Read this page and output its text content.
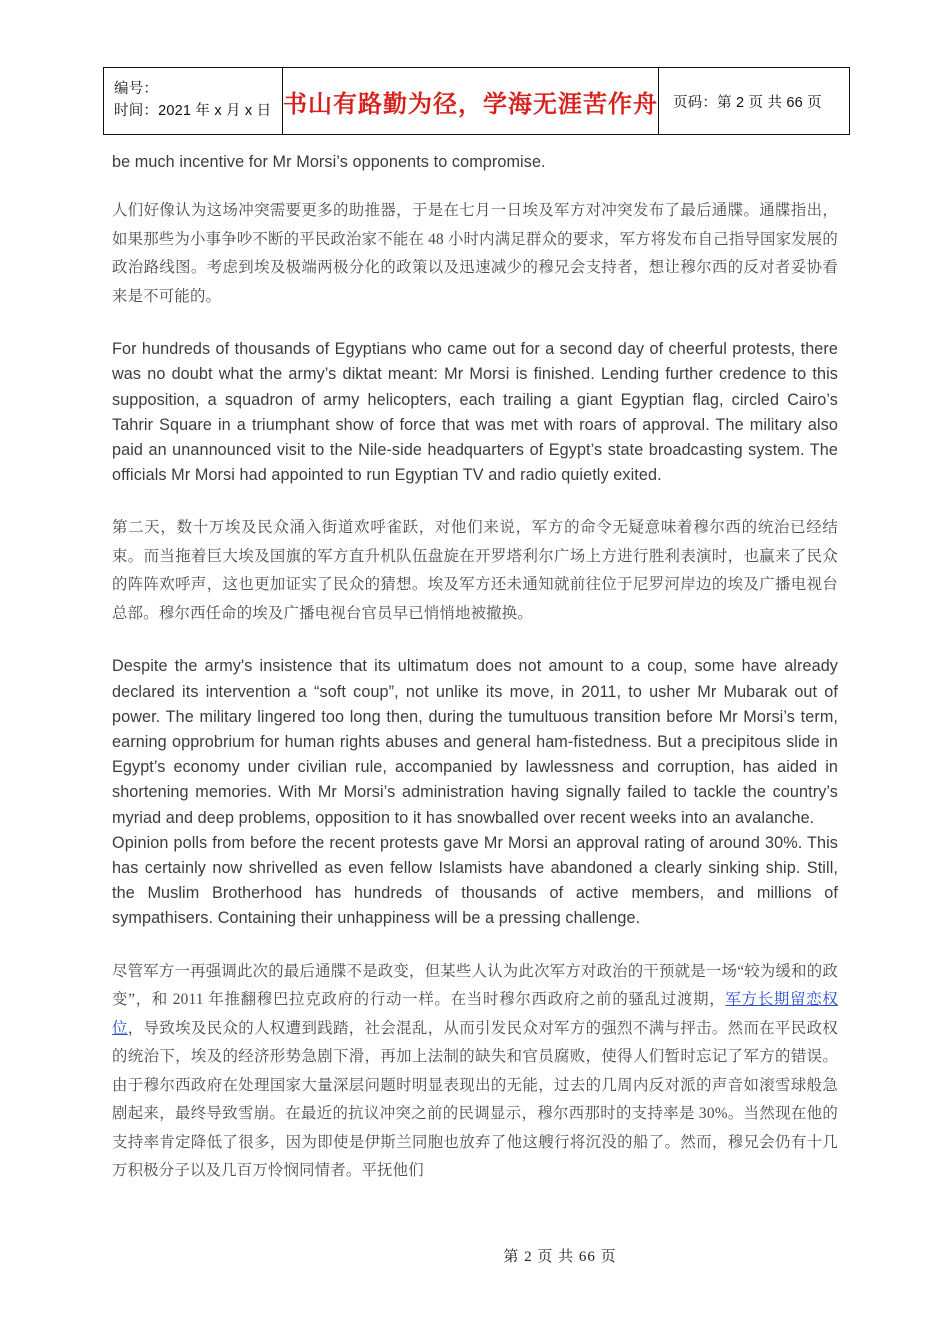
编号：
时间：2021 年 x 月 x 日	书山有路勤为径，学海无涯苦作舟	页码：第 2 页 共 66 页

be much incentive for Mr Morsi’s opponents to compromise.

人们好像认为这场冲突需要更多的助推器，于是在七月一日埃及军方对冲突发布了最后通牒。通牒指出，如果那些为小事争吵不断的平民政治家不能在 48 小时内满足群众的要求，军方将发布自己指导国家发展的政治路线图。考虑到埃及极端两极分化的政策以及迅速减少的穆兄会支持者，想让穆尔西的反对者妥协看来是不可能的。

For hundreds of thousands of Egyptians who came out for a second day of cheerful protests, there was no doubt what the army’s diktat meant: Mr Morsi is finished. Lending further credence to this supposition, a squadron of army helicopters, each trailing a giant Egyptian flag, circled Cairo’s Tahrir Square in a triumphant show of force that was met with roars of approval. The military also paid an unannounced visit to the Nile-side headquarters of Egypt’s state broadcasting system. The officials Mr Morsi had appointed to run Egyptian TV and radio quietly exited.

第二天，数十万埃及民众涌入街道欢呼雀跃，对他们来说，军方的命令无疑意味着穆尔西的统治已经结束。而当拖着巨大埃及国旗的军方直升机队伍盘旋在开罗塔利尔广场上方进行胜利表演时，也赢来了民众的阵阵欢呼声，这也更加证实了民众的猜想。埃及军方还未通知就前往位于尼罗河岸边的埃及广播电视台总部。穆尔西任命的埃及广播电视台官员早已悄悄地被撤换。

Despite the army's insistence that its ultimatum does not amount to a coup, some have already declared its intervention a “soft coup”, not unlike its move, in 2011, to usher Mr Mubarak out of power. The military lingered too long then, during the tumultuous transition before Mr Morsi’s term, earning opprobrium for human rights abuses and general ham-fistedness. But a precipitous slide in Egypt’s economy under civilian rule, accompanied by lawlessness and corruption, has aided in shortening memories. With Mr Morsi’s administration having signally failed to tackle the country’s myriad and deep problems, opposition to it has snowballed over recent weeks into an avalanche.

Opinion polls from before the recent protests gave Mr Morsi an approval rating of around 30%. This has certainly now shrivelled as even fellow Islamists have abandoned a clearly sinking ship. Still, the Muslim Brotherhood has hundreds of thousands of active members, and millions of sympathisers. Containing their unhappiness will be a pressing challenge.

尽管军方一再强调此次的最后通牒不是政变，但某些人认为此次军方对政治的干预就是一场“较为缓和的政变”，和 2011 年推翻穆巴拉克政府的行动一样。在当时穆尔西政府之前的骚乱过渡期，军方长期留恋权位，导致埃及民众的人权遭到践踏，社会混乱，从而引发民众对军方的强烈不满与抨击。然而在平民政权的统治下，埃及的经济形势急剧下滑，再加上法制的缺失和官员腐败，使得人们暂时忘记了军方的错误。由于穆尔西政府在处理国家大量深层问题时明显表现出的无能，过去的几周内反对派的声音如滚雪球般急剧起来，最终导致雪崩。在最近的抗议冲突之前的民调显示，穆尔西那时的支持率是 30%。当然现在他的支持率肯定降低了很多，因为即使是伊斯兰同胞也放弃了他这艘行将沉没的船了。然而，穆兄会仍有十几万积极分子以及几百万怜悯同情者。平抚他们

第 2 页 共 66 页
